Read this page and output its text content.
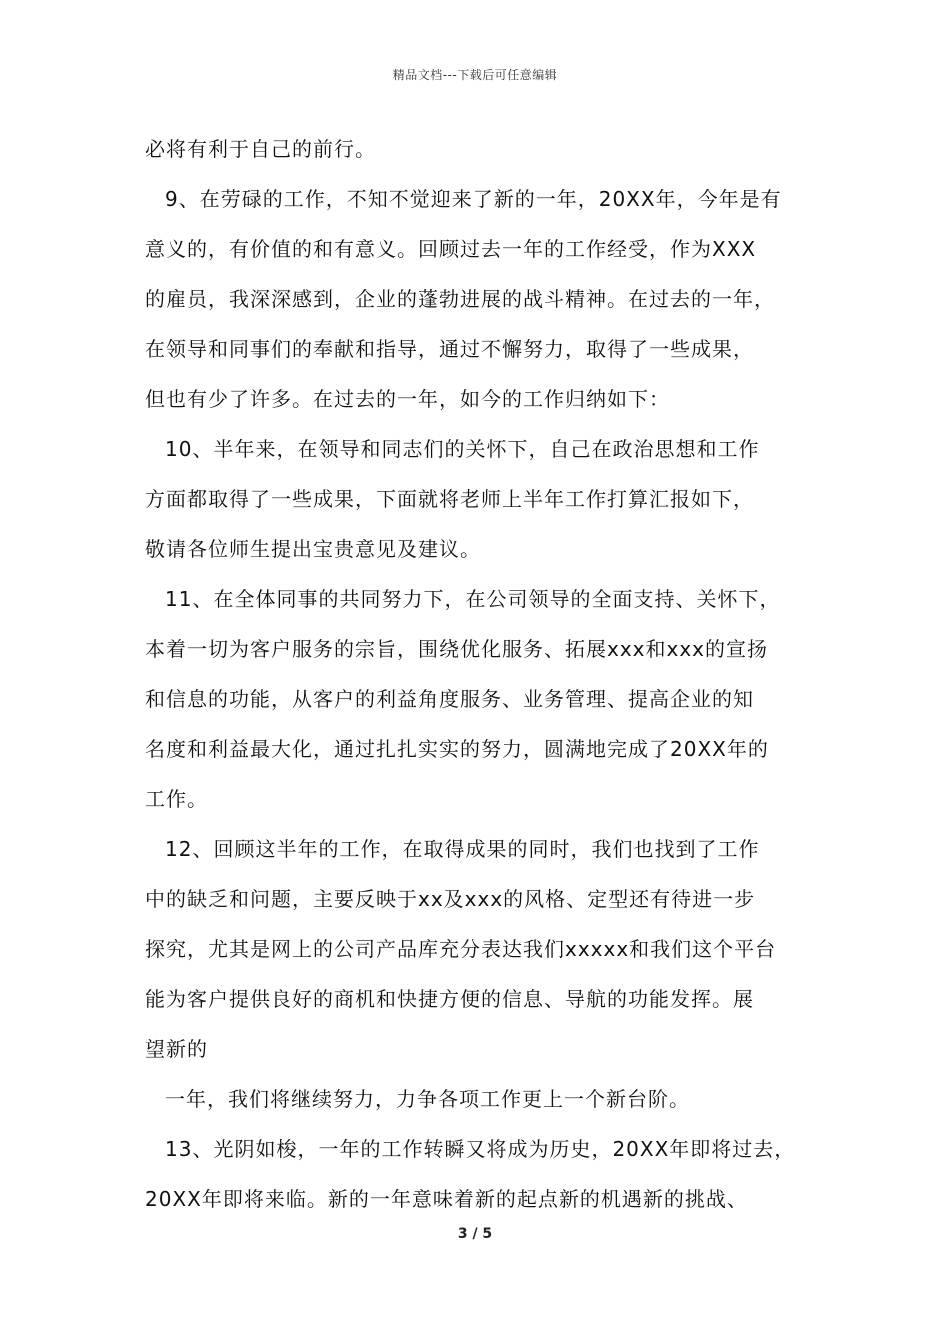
精品文档---下载后可任意编辑
必将有利于自己的前行。
9、在劳碌的工作，不知不觉迎来了新的一年，20XX年，今年是有
意义的，有价值的和有意义。回顾过去一年的工作经受，作为XXX
的雇员，我深深感到，企业的蓬勃进展的战斗精神。在过去的一年，
在领导和同事们的奉献和指导，通过不懈努力，取得了一些成果，
但也有少了许多。在过去的一年，如今的工作归纳如下：
10、半年来，在领导和同志们的关怀下，自己在政治思想和工作
方面都取得了一些成果，下面就将老师上半年工作打算汇报如下，
敬请各位师生提出宝贵意见及建议。
11、在全体同事的共同努力下，在公司领导的全面支持、关怀下，
本着一切为客户服务的宗旨，围绕优化服务、拓展xxx和xxx的宣扬
和信息的功能，从客户的利益角度服务、业务管理、提高企业的知
名度和利益最大化，通过扎扎实实的努力，圆满地完成了20XX年的
工作。
12、回顾这半年的工作，在取得成果的同时，我们也找到了工作
中的缺乏和问题，主要反映于xx及xxx的风格、定型还有待进一步
探究，尤其是网上的公司产品库充分表达我们xxxxx和我们这个平台
能为客户提供良好的商机和快捷方便的信息、导航的功能发挥。展
望新的
一年，我们将继续努力，力争各项工作更上一个新台阶。
13、光阴如梭，一年的工作转瞬又将成为历史，20XX年即将过去，
20XX年即将来临。新的一年意味着新的起点新的机遇新的挑战、
3 / 5
